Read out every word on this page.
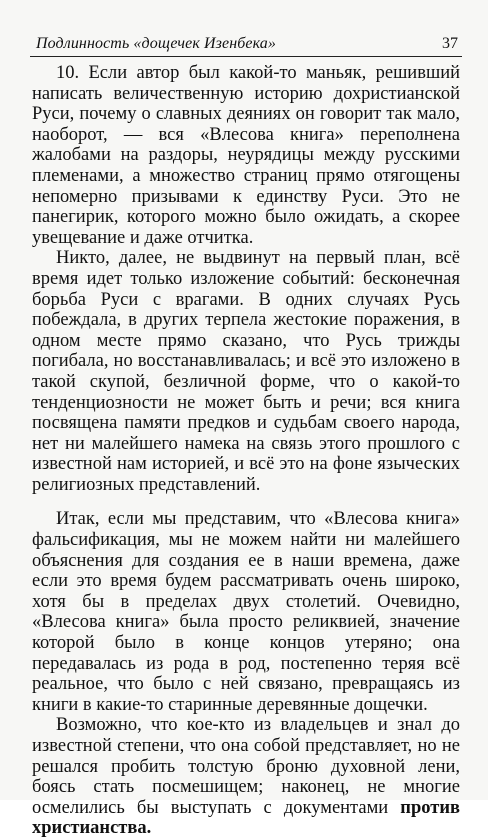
Подлинность «дощечек Изенбека»	37

10. Если автор был какой-то маньяк, решивший написать величественную историю дохристианской Руси, почему о славных деяниях он говорит так мало, наоборот, — вся «Влесова книга» переполнена жалобами на раздоры, неурядицы между русскими племенами, а множество страниц прямо отягощены непомерно призывами к единству Руси. Это не панегирик, которого можно было ожидать, а скорее увещевание и даже отчитка.

Никто, далее, не выдвинут на первый план, всё время идет только изложение событий: бесконечная борьба Руси с врагами. В одних случаях Русь побеждала, в других терпела жестокие поражения, в одном месте прямо сказано, что Русь трижды погибала, но восстанавливалась; и всё это изложено в такой скупой, безличной форме, что о какой-то тенденциозности не может быть и речи; вся книга посвящена памяти предков и судьбам своего народа, нет ни малейшего намека на связь этого прошлого с известной нам историей, и всё это на фоне языческих религиозных представлений.

Итак, если мы представим, что «Влесова книга» фальсификация, мы не можем найти ни малейшего объяснения для создания ее в наши времена, даже если это время будем рассматривать очень широко, хотя бы в пределах двух столетий. Очевидно, «Влесова книга» была просто реликвией, значение которой было в конце концов утеряно; она передавалась из рода в род, постепенно теряя всё реальное, что было с ней связано, превращаясь из книги в какие-то старинные деревянные дощечки.

Возможно, что кое-кто из владельцев и знал до известной степени, что она собой представляет, но не решался пробить толстую броню духовной лени, боясь стать посмешищем; наконец, не многие осмелились бы выступать с документами против христианства.
